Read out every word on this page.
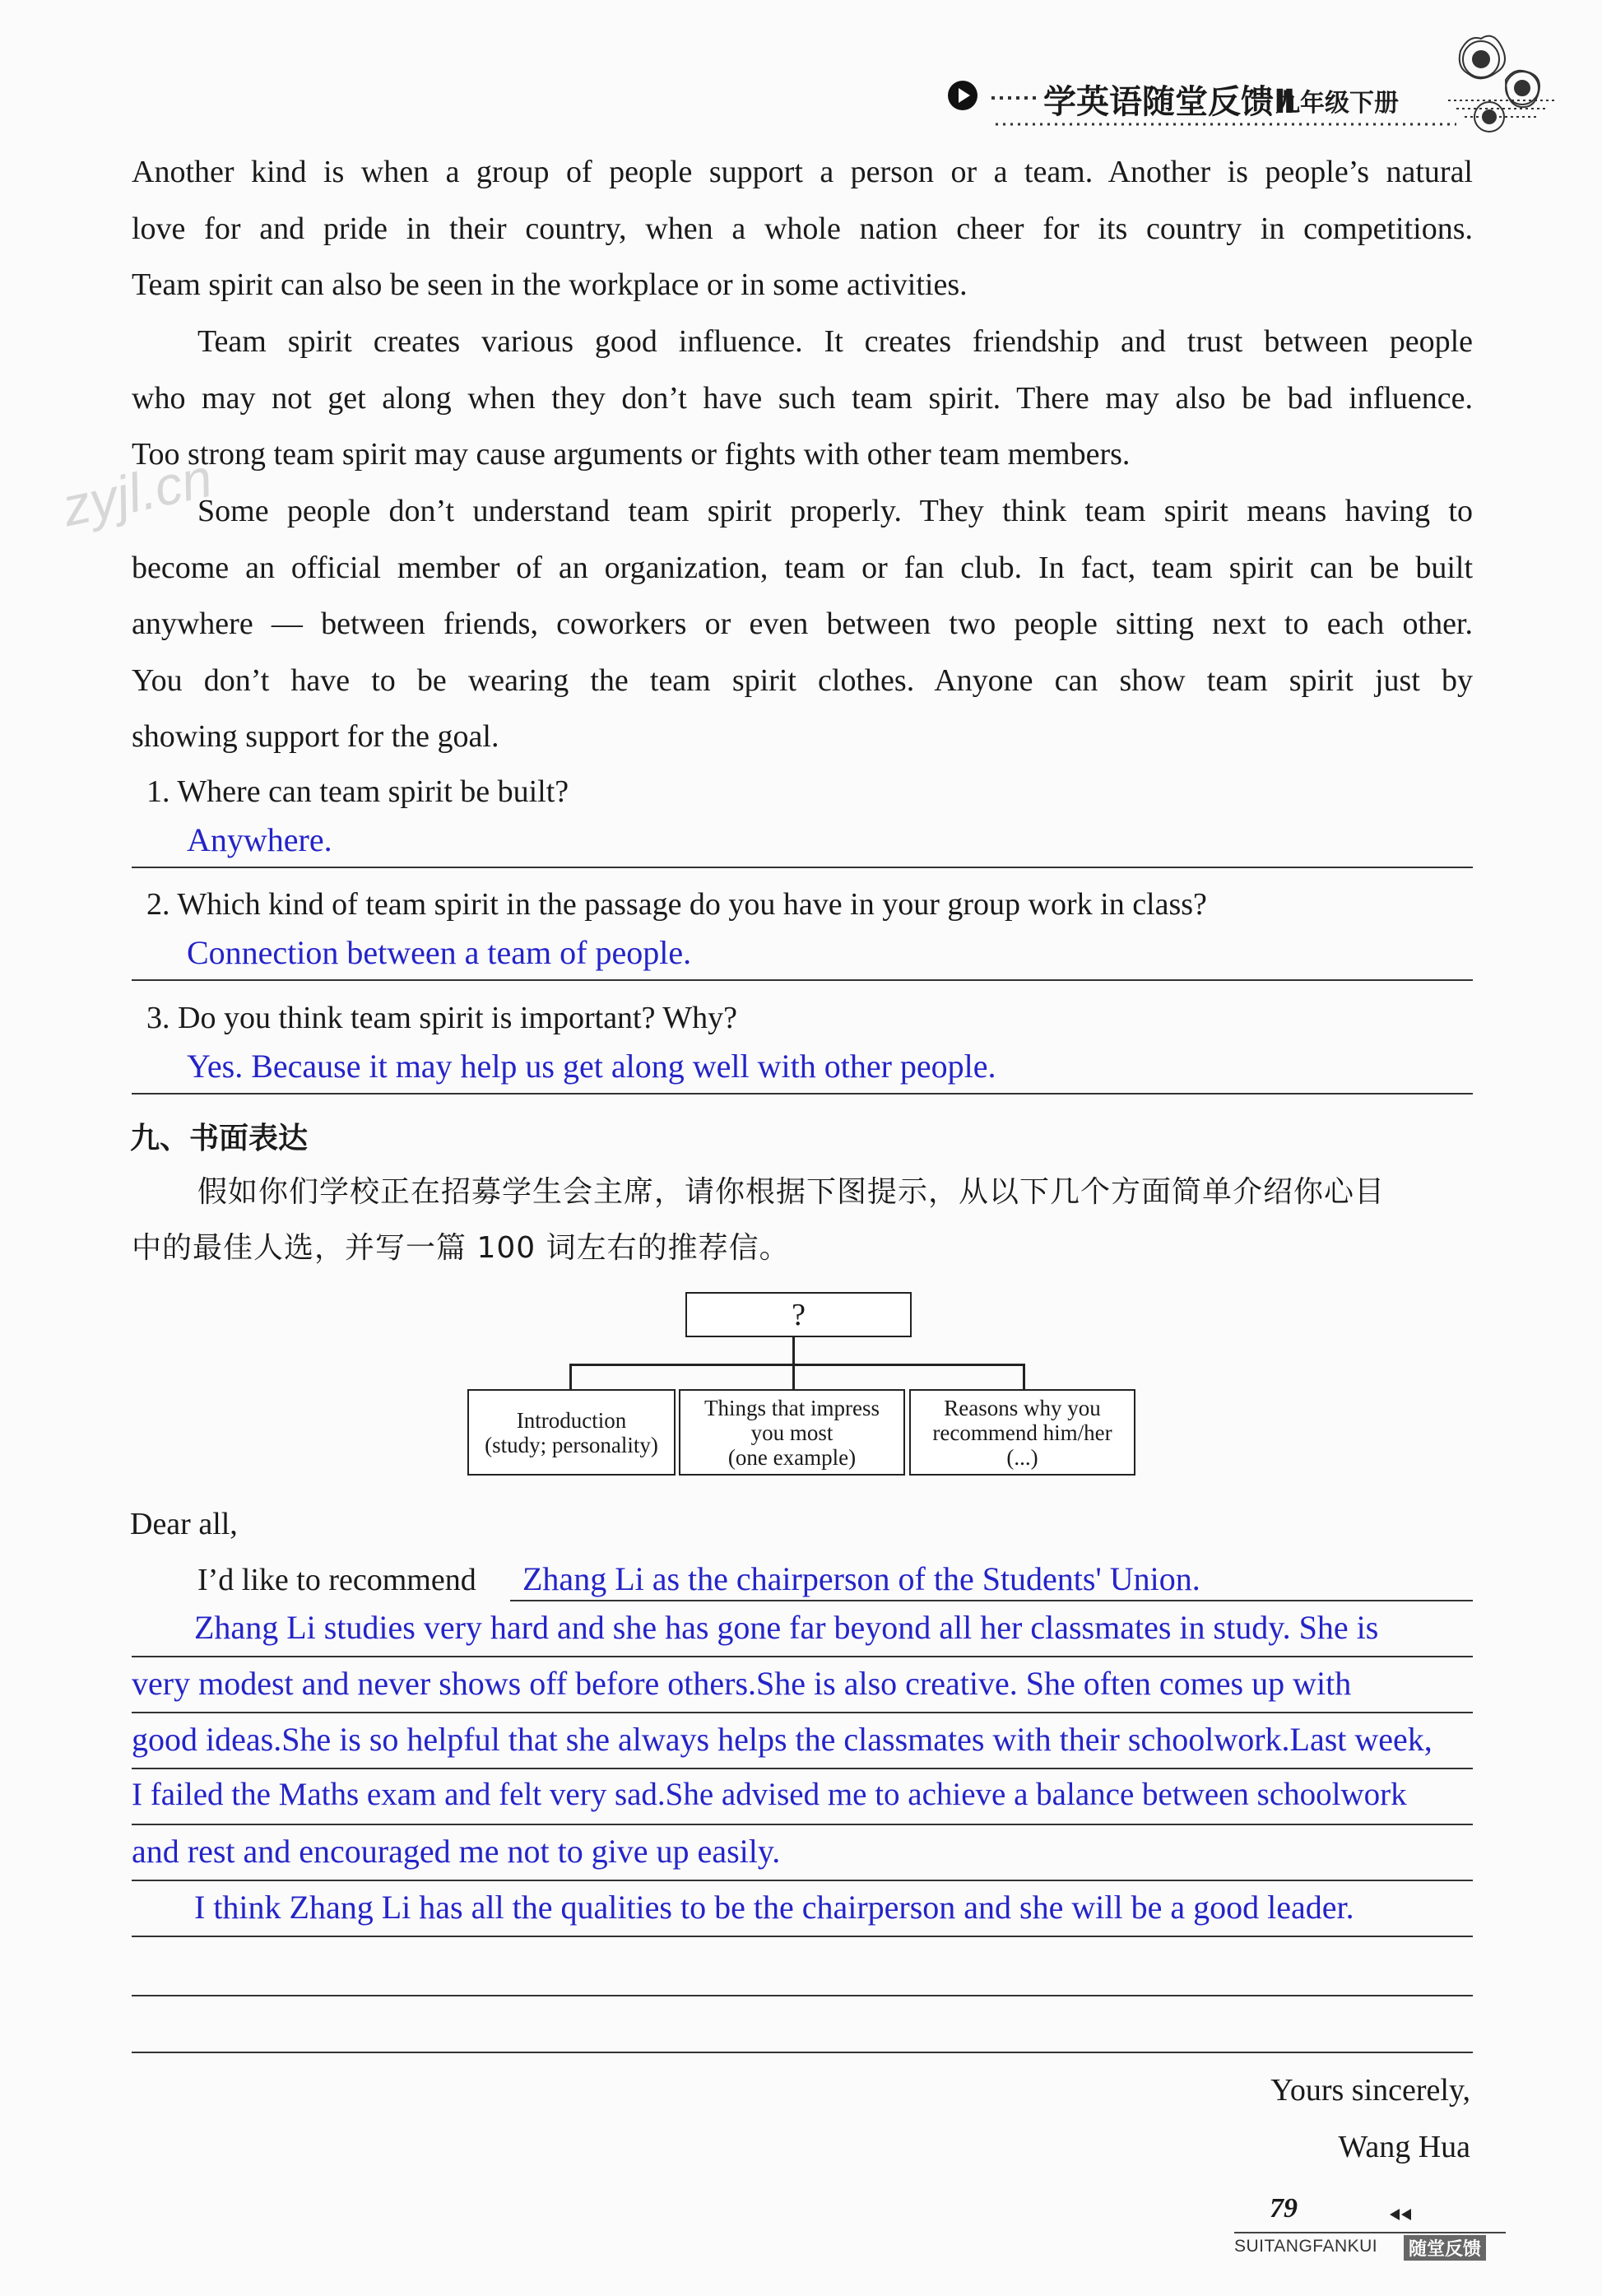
学英语随堂反馈Ⅱ
九年级下册
zyjl.cn
Another kind is when a group of people support a person or a team. Another is people’s natural
love for and pride in their country, when a whole nation cheer for its country in competitions.
Team spirit can also be seen in the workplace or in some activities.
Team spirit creates various good influence. It creates friendship and trust between people
who may not get along when they don’t have such team spirit. There may also be bad influence.
Too strong team spirit may cause arguments or fights with other team members.
Some people don’t understand team spirit properly. They think team spirit means having to
become an official member of an organization, team or fan club. In fact, team spirit can be built
anywhere — between friends, coworkers or even between two people sitting next to each other.
You don’t have to be wearing the team spirit clothes. Anyone can show team spirit just by
showing support for the goal.
1. Where can team spirit be built?
Anywhere.
2. Which kind of team spirit in the passage do you have in your group work in class?
Connection between a team of people.
3. Do you think team spirit is important? Why?
Yes. Because it may help us get along well with other people.
九、书面表达
假如你们学校正在招募学生会主席，请你根据下图提示，从以下几个方面简单介绍你心目
中的最佳人选，并写一篇 100 词左右的推荐信。
?
Introduction
(study; personality)
Things that impress
you most
(one example)
Reasons why you
recommend him/her
(...)
Dear all,
I’d like to recommend Zhang Li as the chairperson of the Students' Union.
Zhang Li studies very hard and she has gone far beyond all her classmates in study. She is
very modest and never shows off before others.She is also creative. She often comes up with
good ideas.She is so helpful that she always helps the classmates with their schoolwork.Last week,
I failed the Maths exam and felt very sad.She advised me to achieve a balance between schoolwork
and rest and encouraged me not to give up easily.
I think Zhang Li has all the qualities to be the chairperson and she will be a good leader.
Yours sincerely,
Wang Hua
79
SUITANGFANKUI 随堂反馈
